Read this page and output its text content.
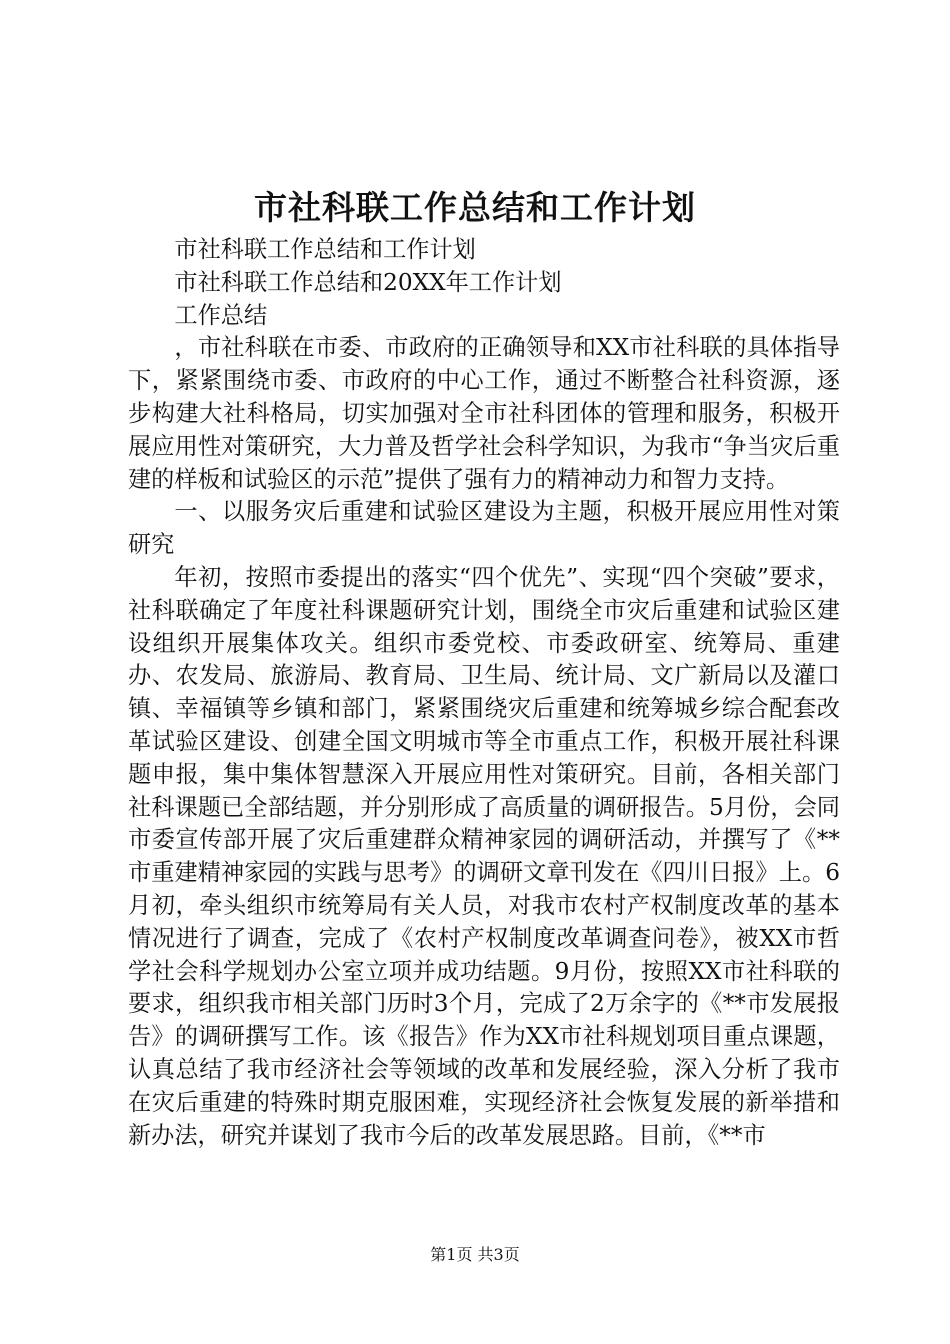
市社科联工作总结和工作计划

市社科联工作总结和工作计划

市社科联工作总结和20XX年工作计划

工作总结

，市社科联在市委、市政府的正确领导和XX市社科联的具体指导下，紧紧围绕市委、市政府的中心工作，通过不断整合社科资源，逐步构建大社科格局，切实加强对全市社科团体的管理和服务，积极开展应用性对策研究，大力普及哲学社会科学知识，为我市“争当灾后重建的样板和试验区的示范”提供了强有力的精神动力和智力支持。

一、以服务灾后重建和试验区建设为主题，积极开展应用性对策研究

年初，按照市委提出的落实“四个优先”、实现“四个突破”要求，社科联确定了年度社科课题研究计划，围绕全市灾后重建和试验区建设组织开展集体攻关。组织市委党校、市委政研室、统筹局、重建办、农发局、旅游局、教育局、卫生局、统计局、文广新局以及灌口镇、幸福镇等乡镇和部门，紧紧围绕灾后重建和统筹城乡综合配套改革试验区建设、创建全国文明城市等全市重点工作，积极开展社科课题申报，集中集体智慧深入开展应用性对策研究。目前，各相关部门社科课题已全部结题，并分别形成了高质量的调研报告。5月份，会同市委宣传部开展了灾后重建群众精神家园的调研活动，并撰写了《**市重建精神家园的实践与思考》的调研文章刊发在《四川日报》上。6月初，牵头组织市统筹局有关人员，对我市农村产权制度改革的基本情况进行了调查，完成了《农村产权制度改革调查问卷》，被XX市哲学社会科学规划办公室立项并成功结题。9月份，按照XX市社科联的要求，组织我市相关部门历时3个月，完成了2万余字的《**市发展报告》的调研撰写工作。该《报告》作为XX市社科规划项目重点课题，认真总结了我市经济社会等领域的改革和发展经验，深入分析了我市在灾后重建的特殊时期克服困难，实现经济社会恢复发展的新举措和新办法，研究并谋划了我市今后的改革发展思路。目前，《**市

第1页 共3页
